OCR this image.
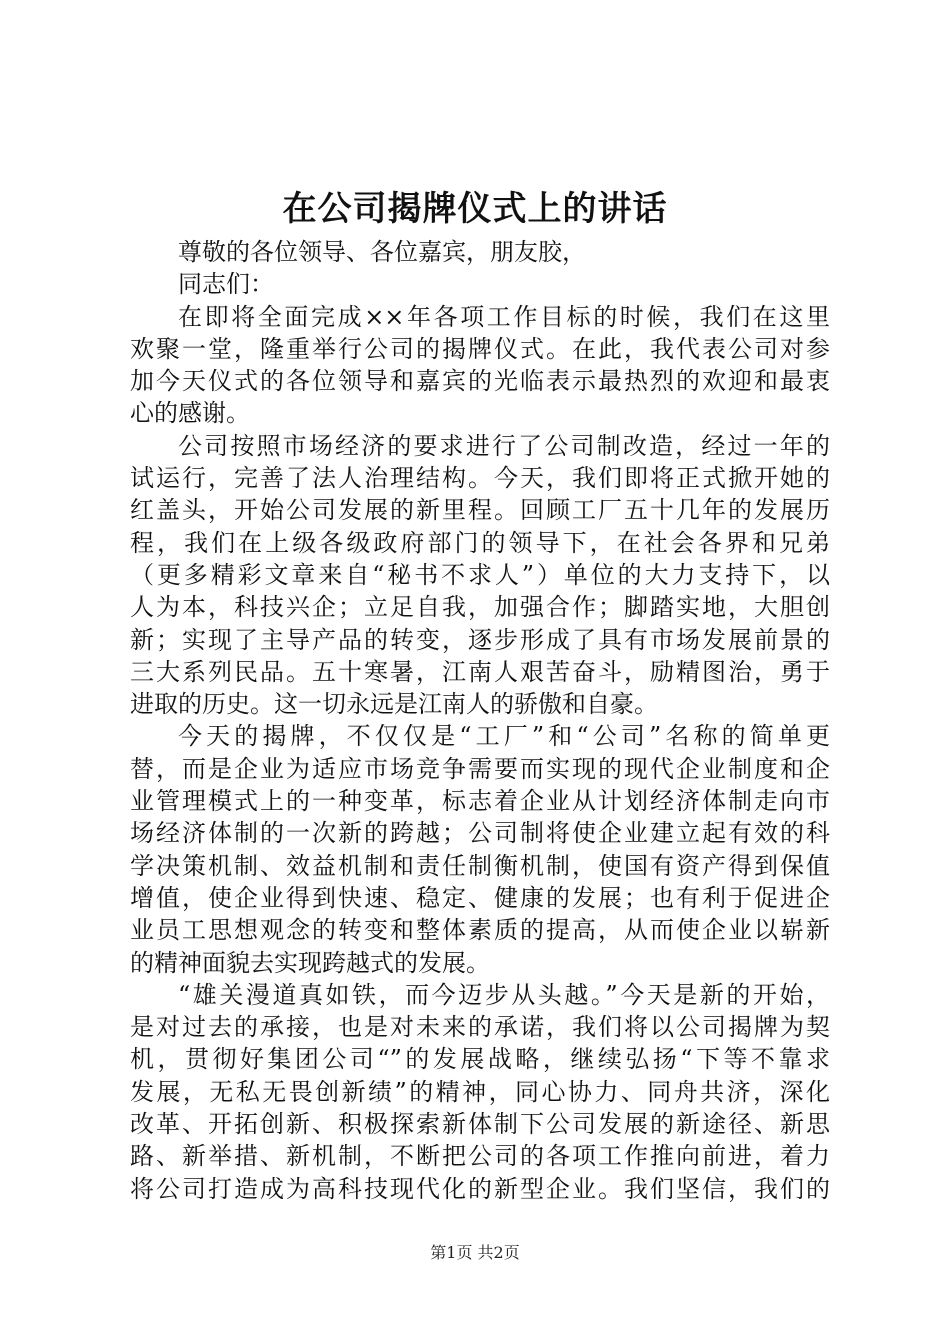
在公司揭牌仪式上的讲话
尊敬的各位领导、各位嘉宾，朋友胶，
同志们：
在即将全面完成××年各项工作目标的时候，我们在这里
欢聚一堂，隆重举行公司的揭牌仪式。在此，我代表公司对参
加今天仪式的各位领导和嘉宾的光临表示最热烈的欢迎和最衷
心的感谢。
公司按照市场经济的要求进行了公司制改造，经过一年的
试运行，完善了法人治理结构。今天，我们即将正式掀开她的
红盖头，开始公司发展的新里程。回顾工厂五十几年的发展历
程，我们在上级各级政府部门的领导下，在社会各界和兄弟
（更多精彩文章来自“秘书不求人”）单位的大力支持下，以
人为本，科技兴企；立足自我，加强合作；脚踏实地，大胆创
新；实现了主导产品的转变，逐步形成了具有市场发展前景的
三大系列民品。五十寒暑，江南人艰苦奋斗，励精图治，勇于
进取的历史。这一切永远是江南人的骄傲和自豪。
今天的揭牌，不仅仅是“工厂”和“公司”名称的简单更
替，而是企业为适应市场竞争需要而实现的现代企业制度和企
业管理模式上的一种变革，标志着企业从计划经济体制走向市
场经济体制的一次新的跨越；公司制将使企业建立起有效的科
学决策机制、效益机制和责任制衡机制，使国有资产得到保值
增值，使企业得到快速、稳定、健康的发展；也有利于促进企
业员工思想观念的转变和整体素质的提高，从而使企业以崭新
的精神面貌去实现跨越式的发展。
“雄关漫道真如铁，而今迈步从头越。”今天是新的开始，
是对过去的承接，也是对未来的承诺，我们将以公司揭牌为契
机，贯彻好集团公司“”的发展战略，继续弘扬“下等不靠求
发展，无私无畏创新绩”的精神，同心协力、同舟共济，深化
改革、开拓创新、积极探索新体制下公司发展的新途径、新思
路、新举措、新机制，不断把公司的各项工作推向前进，着力
将公司打造成为高科技现代化的新型企业。我们坚信，我们的
第1页 共2页
